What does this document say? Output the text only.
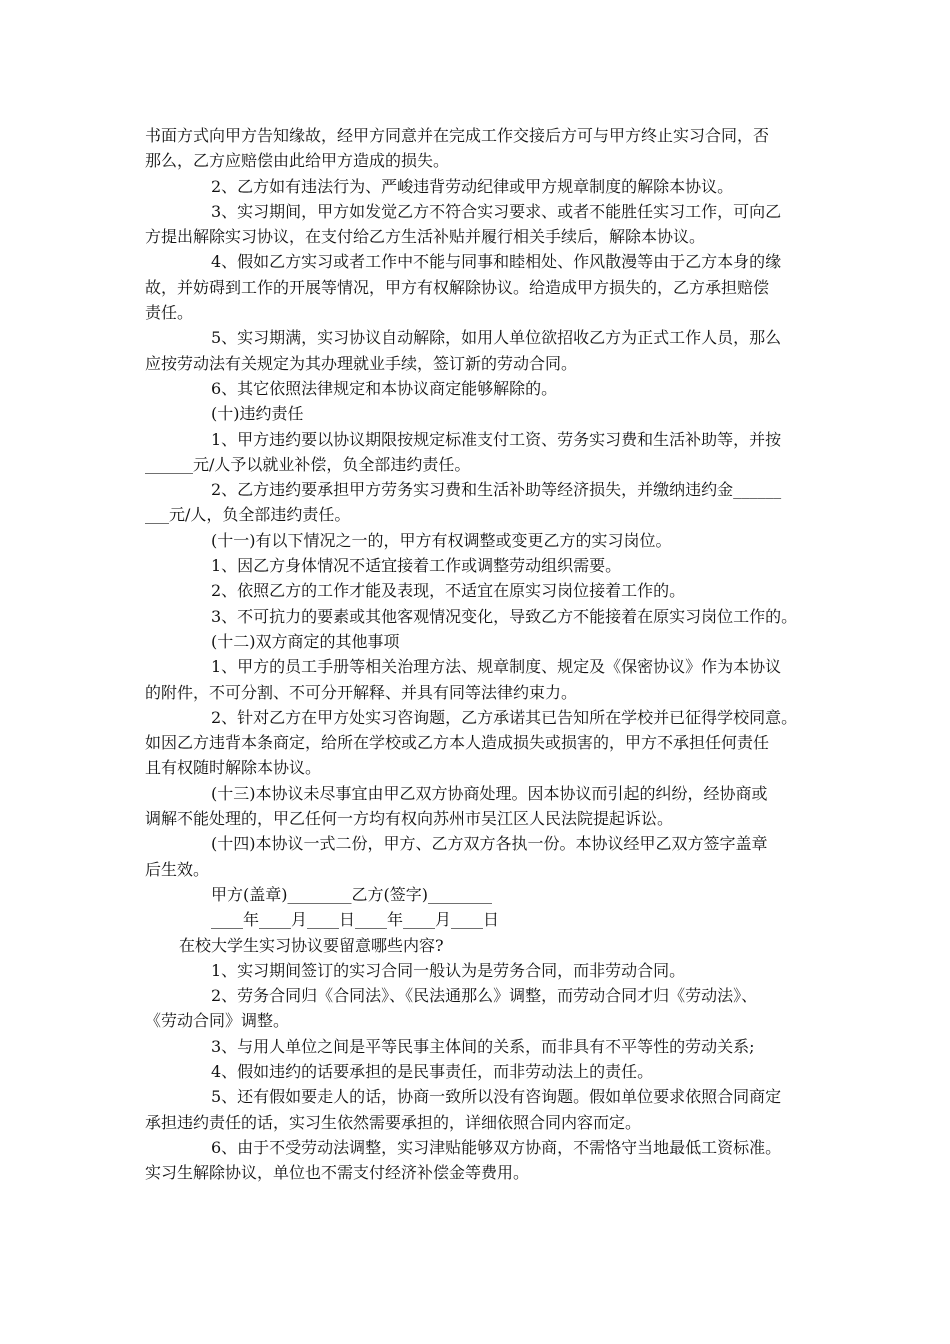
书面方式向甲方告知缘故，经甲方同意并在完成工作交接后方可与甲方终止实习合同，否
那么，乙方应赔偿由此给甲方造成的损失。
2、乙方如有违法行为、严峻违背劳动纪律或甲方规章制度的解除本协议。
3、实习期间，甲方如发觉乙方不符合实习要求、或者不能胜任实习工作，可向乙
方提出解除实习协议，在支付给乙方生活补贴并履行相关手续后，解除本协议。
4、假如乙方实习或者工作中不能与同事和睦相处、作风散漫等由于乙方本身的缘
故，并妨碍到工作的开展等情况，甲方有权解除协议。给造成甲方损失的，乙方承担赔偿
责任。
5、实习期满，实习协议自动解除，如用人单位欲招收乙方为正式工作人员，那么
应按劳动法有关规定为其办理就业手续，签订新的劳动合同。
6、其它依照法律规定和本协议商定能够解除的。
(十)违约责任
1、甲方违约要以协议期限按规定标准支付工资、劳务实习费和生活补助等，并按
______元/人予以就业补偿，负全部违约责任。
2、乙方违约要承担甲方劳务实习费和生活补助等经济损失，并缴纳违约金______
___元/人，负全部违约责任。
(十一)有以下情况之一的，甲方有权调整或变更乙方的实习岗位。
1、因乙方身体情况不适宜接着工作或调整劳动组织需要。
2、依照乙方的工作才能及表现，不适宜在原实习岗位接着工作的。
3、不可抗力的要素或其他客观情况变化，导致乙方不能接着在原实习岗位工作的。
(十二)双方商定的其他事项
1、甲方的员工手册等相关治理方法、规章制度、规定及《保密协议》作为本协议
的附件，不可分割、不可分开解释、并具有同等法律约束力。
2、针对乙方在甲方处实习咨询题，乙方承诺其已告知所在学校并已征得学校同意。
如因乙方违背本条商定，给所在学校或乙方本人造成损失或损害的，甲方不承担任何责任
且有权随时解除本协议。
(十三)本协议未尽事宜由甲乙双方协商处理。因本协议而引起的纠纷，经协商或
调解不能处理的，甲乙任何一方均有权向苏州市吴江区人民法院提起诉讼。
(十四)本协议一式二份，甲方、乙方双方各执一份。本协议经甲乙双方签字盖章
后生效。
甲方(盖章)________乙方(签字)________
____年____月____日____年____月____日
在校大学生实习协议要留意哪些内容?
1、实习期间签订的实习合同一般认为是劳务合同，而非劳动合同。
2、劳务合同归《合同法》、《民法通那么》调整，而劳动合同才归《劳动法》、
《劳动合同》调整。
3、与用人单位之间是平等民事主体间的关系，而非具有不平等性的劳动关系;
4、假如违约的话要承担的是民事责任，而非劳动法上的责任。
5、还有假如要走人的话，协商一致所以没有咨询题。假如单位要求依照合同商定
承担违约责任的话，实习生依然需要承担的，详细依照合同内容而定。
6、由于不受劳动法调整，实习津贴能够双方协商，不需恪守当地最低工资标准。
实习生解除协议，单位也不需支付经济补偿金等费用。
